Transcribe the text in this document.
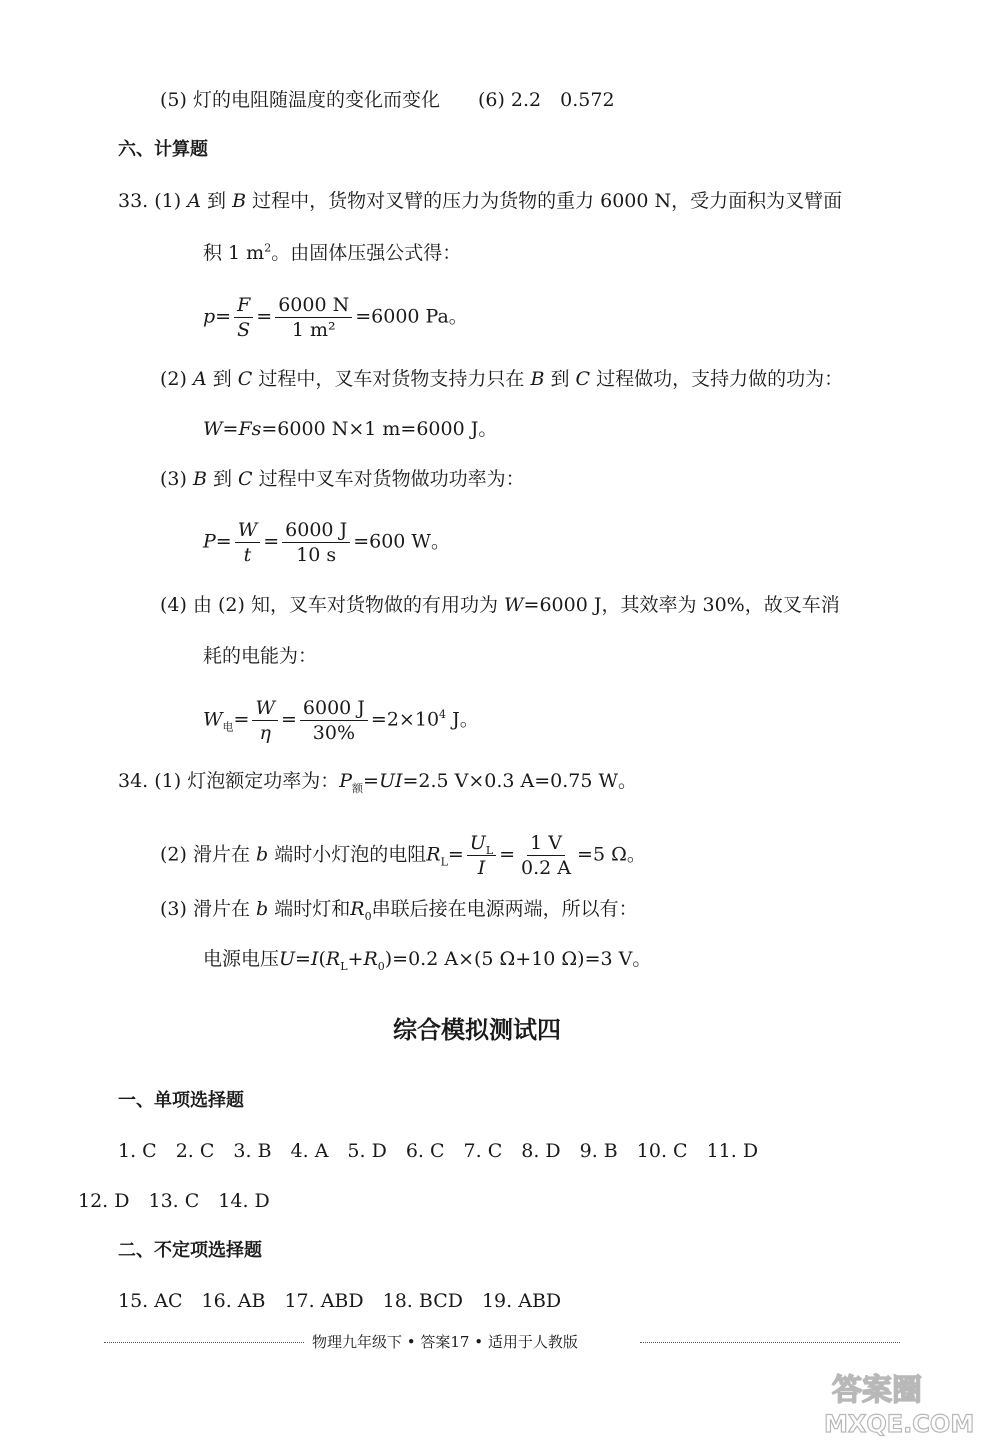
(5) 灯的电阻随温度的变化而变化 (6) 2.2　0.572
六、计算题
33. (1) A 到 B 过程中，货物对叉臂的压力为货物的重力 6000 N，受力面积为叉臂面
积 1 $m^2$。由固体压强公式得：
$p= \frac{F}{S} = \frac{6000 N}{\text{1 m²}} =6000$ Pa。
(2) A 到 C 过程中，叉车对货物支持力只在 B 到 C 过程做功，支持力做的功为：
W=Fs=6000 N×1 m=6000 J。
(3) B 到 C 过程中叉车对货物做功功率为：
$P= \frac{W}{t} = \frac{6000 J}{10 s} =600$ W。
(4) 由 (2) 知，叉车对货物做的有用功为 W=6000 J，其效率为 30%，故叉车消
耗的电能为：
$W_电= \frac{W}{\eta} = \frac{6000 J}{30\%} =2\times 10^4$ J。
34. (1) 灯泡额定功率为：$P_额=UI=2.5$ V×0.3 A=0.75 W。
(2) 滑片在 b 端时小灯泡的电阻$R_L= \frac{U_L}{I} = \frac{1 V}{0.2 A} =5$ Ω。
(3) 滑片在 b 端时灯和$R_0$串联后接在电源两端，所以有：
电源电压$U=I(R_L+R_0)=0.2$ A×(5 Ω+10 Ω)=3 V。
综合模拟测试四
一、单项选择题
1. C　2. C　3. B　4. A　5. D　6. C　7. C　8. D　9. B　10. C　11. D
12. D　13. C　14. D
二、不定项选择题
15. AC　16. AB　17. ABD　18. BCD　19. ABD
物理九年级下 • 答案17 • 适用于人教版
答案圈
MXQE.COM
